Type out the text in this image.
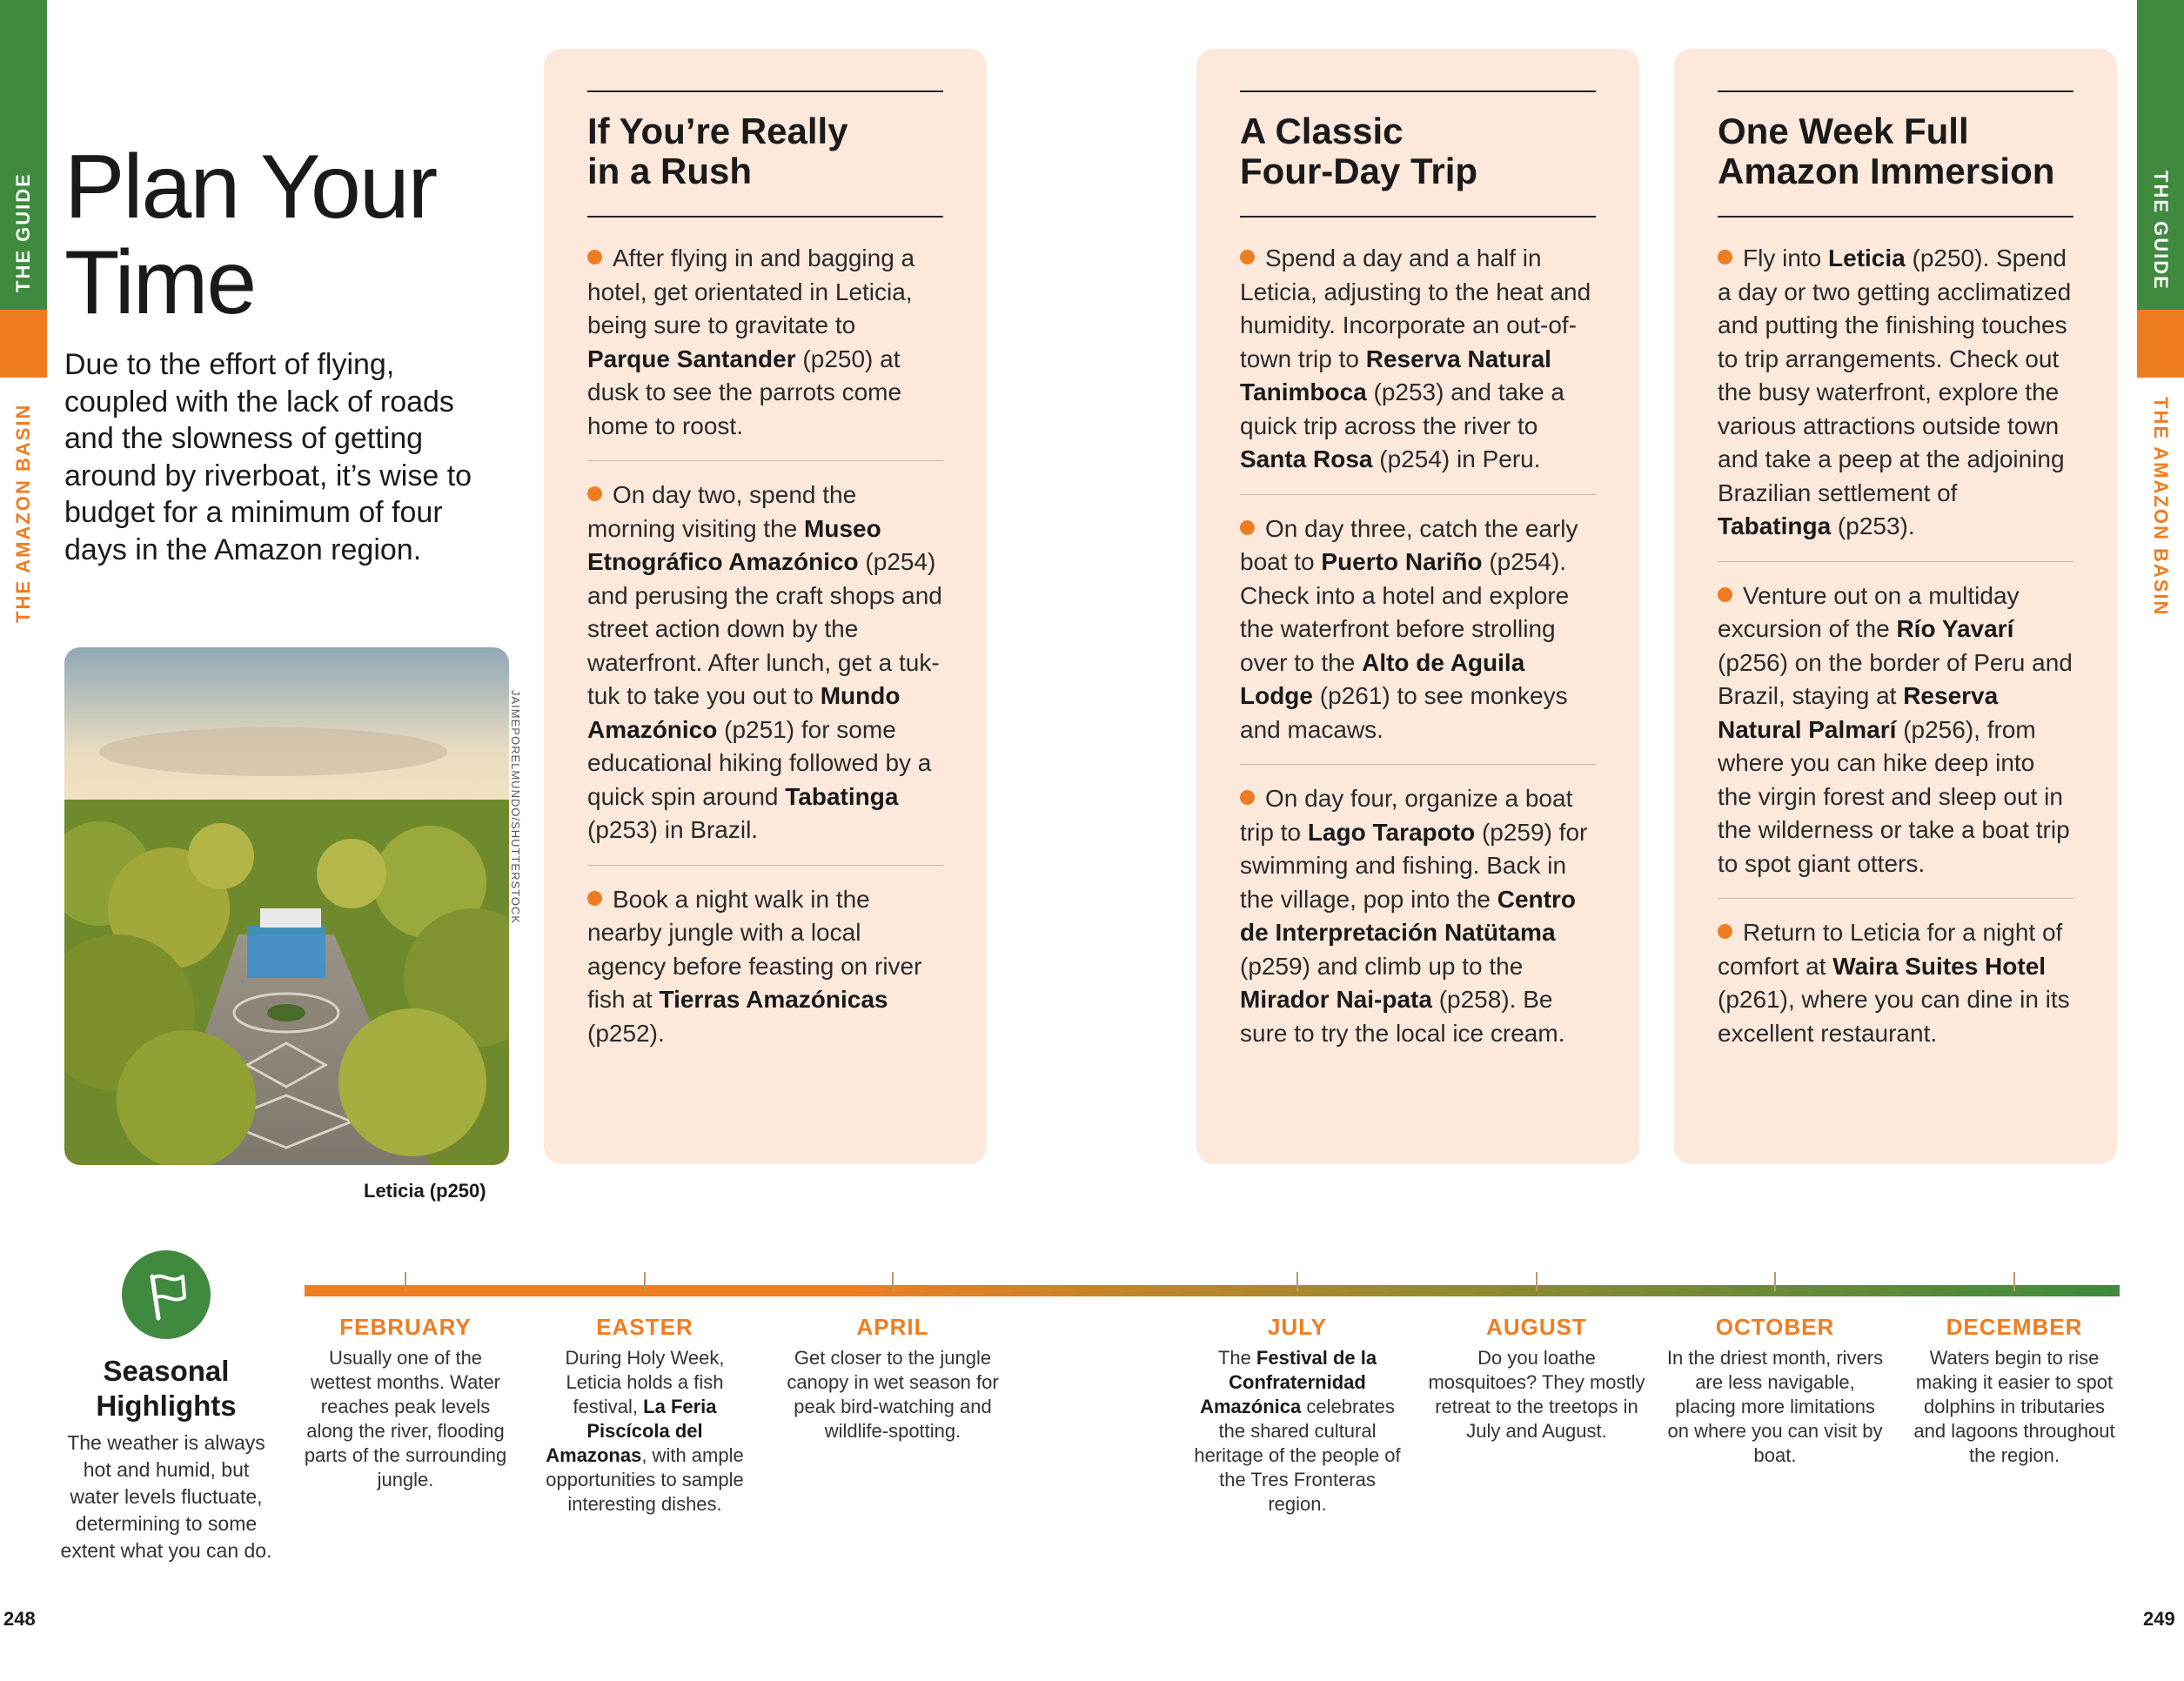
THE GUIDE
THE AMAZON BASIN
THE GUIDE
THE AMAZON BASIN
Plan Your
Time
Due to the effort of flying, coupled with the lack of roads and the slowness of getting around by riverboat, it’s wise to budget for a minimum of four days in the Amazon region.
JAIMEPORELMUNDO/SHUTTERSTOCK
Leticia (p250)
If You’re Really
in a Rush
After flying in and bagging a hotel, get orientated in Leticia, being sure to gravitate to Parque Santander (p250) at dusk to see the parrots come home to roost.
On day two, spend the morning visiting the Museo Etnográfico Amazónico (p254) and perusing the craft shops and street action down by the waterfront. After lunch, get a tuk-tuk to take you out to Mundo Amazónico (p251) for some educational hiking followed by a quick spin around Tabatinga (p253) in Brazil.
Book a night walk in the nearby jungle with a local agency before feasting on river fish at Tierras Amazónicas (p252).
A Classic
Four-Day Trip
Spend a day and a half in Leticia, adjusting to the heat and humidity. Incorporate an out-of-town trip to Reserva Natural Tanimboca (p253) and take a quick trip across the river to Santa Rosa (p254) in Peru.
On day three, catch the early boat to Puerto Nariño (p254). Check into a hotel and explore the waterfront before strolling over to the Alto de Aguila Lodge (p261) to see monkeys and macaws.
On day four, organize a boat trip to Lago Tarapoto (p259) for swimming and fishing. Back in the village, pop into the Centro de Interpretación Natütama (p259) and climb up to the Mirador Nai-pata (p258). Be sure to try the local ice cream.
One Week Full
Amazon Immersion
Fly into Leticia (p250). Spend a day or two getting acclimatized and putting the finishing touches to trip arrangements. Check out the busy waterfront, explore the various attractions outside town and take a peep at the adjoining Brazilian settlement of Tabatinga (p253).
Venture out on a multiday excursion of the Río Yavarí (p256) on the border of Peru and Brazil, staying at Reserva Natural Palmarí (p256), from where you can hike deep into the virgin forest and sleep out in the wilderness or take a boat trip to spot giant otters.
Return to Leticia for a night of comfort at Waira Suites Hotel (p261), where you can dine in its excellent restaurant.
Seasonal
Highlights
The weather is always hot and humid, but water levels fluctuate, determining to some extent what you can do.
FEBRUARY
Usually one of the wettest months. Water reaches peak levels along the river, flooding parts of the surrounding jungle.
EASTER
During Holy Week, Leticia holds a fish festival, La Feria Piscícola del Amazonas, with ample opportunities to sample interesting dishes.
APRIL
Get closer to the jungle canopy in wet season for peak bird-watching and wildlife-spotting.
JULY
The Festival de la Confraternidad Amazónica celebrates the shared cultural heritage of the people of the Tres Fronteras region.
AUGUST
Do you loathe mosquitoes? They mostly retreat to the treetops in July and August.
OCTOBER
In the driest month, rivers are less navigable, placing more limitations on where you can visit by boat.
DECEMBER
Waters begin to rise making it easier to spot dolphins in tributaries and lagoons throughout the region.
248	249
